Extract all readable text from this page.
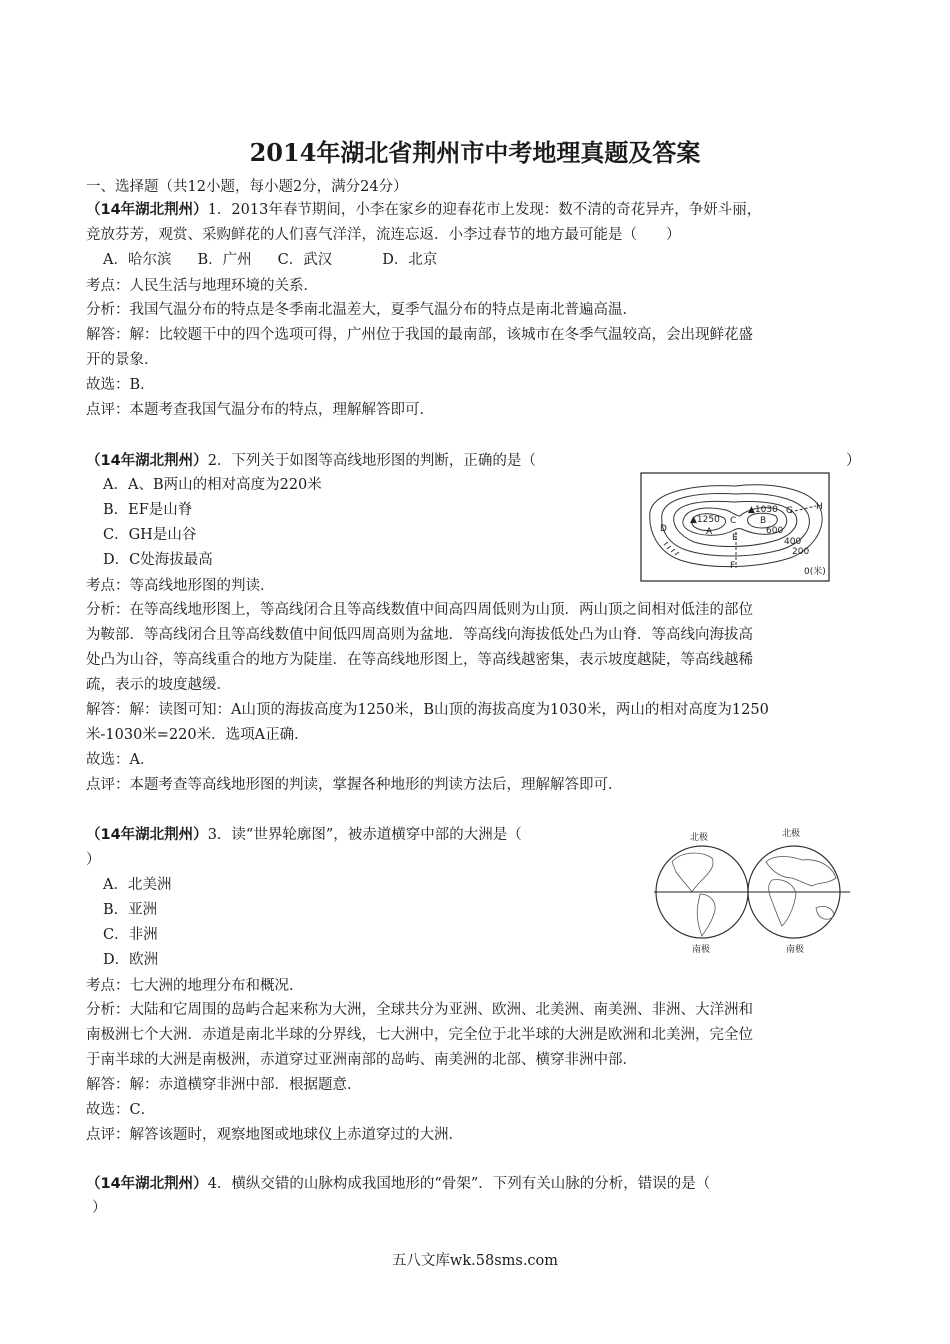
2014年湖北省荆州市中考地理真题及答案
一、选择题（共12小题，每小题2分，满分24分）
（14年湖北荆州）1．2013年春节期间，小李在家乡的迎春花市上发现：数不清的奇花异卉，争妍斗丽，
竞放芬芳，观赏、采购鲜花的人们喜气洋洋，流连忘返．小李过春节的地方最可能是（　　）
A．哈尔滨 B．广州 C．武汉	D．北京
考点：人民生活与地理环境的关系．
分析：我国气温分布的特点是冬季南北温差大，夏季气温分布的特点是南北普遍高温．
解答：解：比较题干中的四个选项可得，广州位于我国的最南部，该城市在冬季气温较高，会出现鲜花盛
开的景象．
故选：B．
点评：本题考查我国气温分布的特点，理解解答即可．
（14年湖北荆州）2．下列关于如图等高线地形图的判断，正确的是（	）
A．A、B两山的相对高度为220米
B．EF是山脊
C．GH是山谷
D．C处海拔最高
▲1250
A
▲1030
B
C
D
E
F
G	H
600
400
200
0(米)
考点：等高线地形图的判读．
分析：在等高线地形图上，等高线闭合且等高线数值中间高四周低则为山顶．两山顶之间相对低洼的部位
为鞍部．等高线闭合且等高线数值中间低四周高则为盆地．等高线向海拔低处凸为山脊．等高线向海拔高
处凸为山谷，等高线重合的地方为陡崖．在等高线地形图上，等高线越密集，表示坡度越陡，等高线越稀
疏，表示的坡度越缓．
解答：解：读图可知：A山顶的海拔高度为1250米，B山顶的海拔高度为1030米，两山的相对高度为1250
米-1030米=220米．选项A正确．
故选：A．
点评：本题考查等高线地形图的判读，掌握各种地形的判读方法后，理解解答即可．
（14年湖北荆州）3．读“世界轮廓图”，被赤道横穿中部的大洲是（
）
A．北美洲
B．亚洲
C．非洲
D．欧洲
北极	北极
南极	南极
考点：七大洲的地理分布和概况．
分析：大陆和它周围的岛屿合起来称为大洲，全球共分为亚洲、欧洲、北美洲、南美洲、非洲、大洋洲和
南极洲七个大洲．赤道是南北半球的分界线，七大洲中，完全位于北半球的大洲是欧洲和北美洲，完全位
于南半球的大洲是南极洲，赤道穿过亚洲南部的岛屿、南美洲的北部、横穿非洲中部．
解答：解：赤道横穿非洲中部．根据题意．
故选：C．
点评：解答该题时，观察地图或地球仪上赤道穿过的大洲．
（14年湖北荆州）4．横纵交错的山脉构成我国地形的“骨架”．下列有关山脉的分析，错误的是（
）
五八文库wk.58sms.com
